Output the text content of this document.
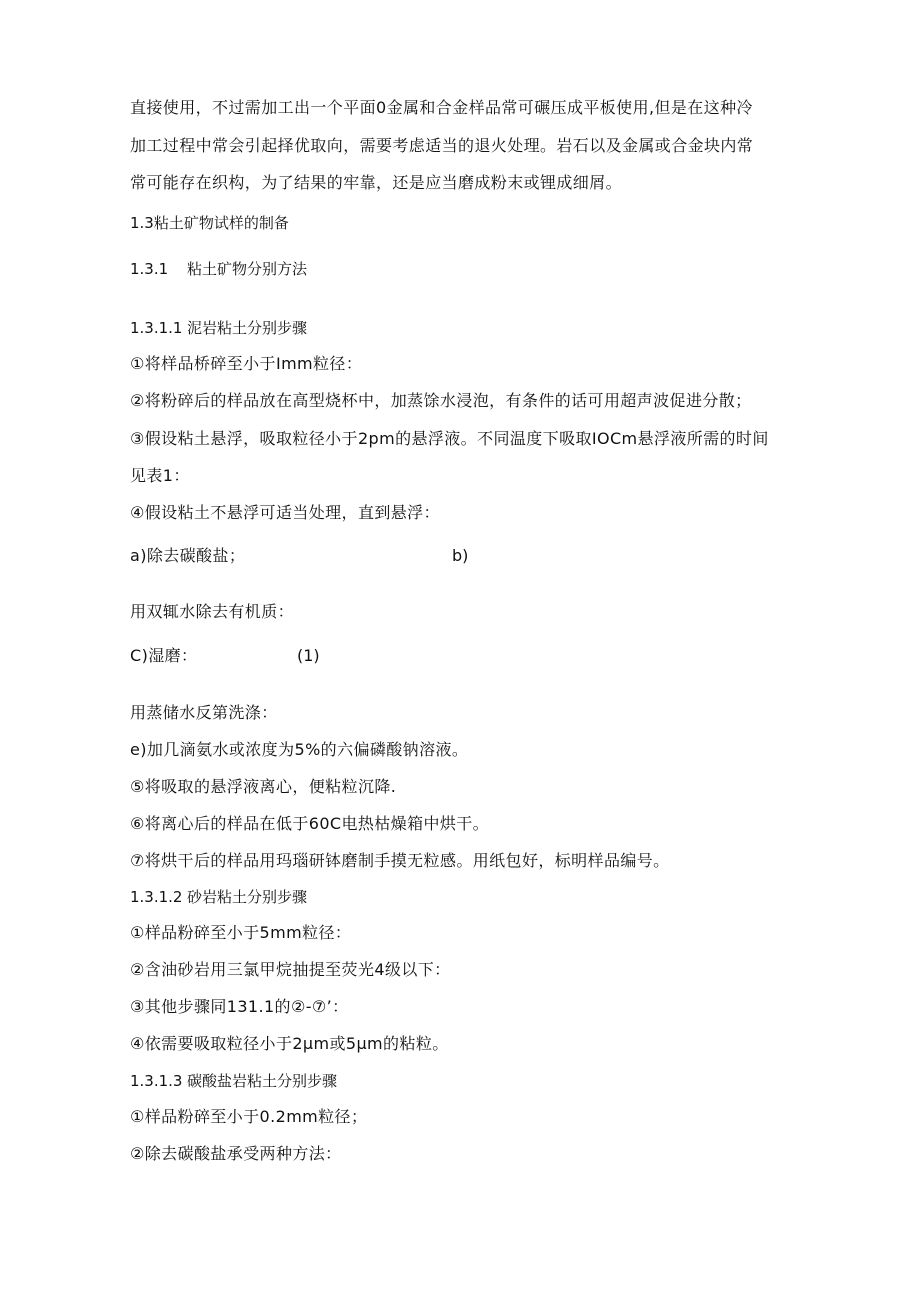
直接使用，不过需加工出一个平面0金属和合金样品常可碾压成平板使用,但是在这种冷
加工过程中常会引起择优取向，需要考虑适当的退火处理。岩石以及金属或合金块内常
常可能存在织构，为了结果的牢靠，还是应当磨成粉末或锂成细屑。
1.3粘土矿物试样的制备
1.3.1 粘土矿物分别方法
1.3.1.1 泥岩粘土分别步骤
①将样品桥碎至小于Imm粒径：
②将粉碎后的样品放在高型烧杯中，加蒸馀水浸泡，有条件的话可用超声波促进分散；
③假设粘土悬浮，吸取粒径小于2pm的悬浮液。不同温度下吸取IOCm悬浮液所需的时间
见表1：
④假设粘土不悬浮可适当处理，直到悬浮：
a)除去碳酸盐；	b)
用双辄水除去有机质：
C)湿磨：	(1)
用蒸储水反第洗涤：
e)加几滴氨水或浓度为5%的六偏磷酸钠溶液。
⑤将吸取的悬浮液离心，便粘粒沉降.
⑥将离心后的样品在低于60C电热枯燥箱中烘干。
⑦将烘干后的样品用玛瑙研钵磨制手摸无粒感。用纸包好，标明样品编号。
1.3.1.2 砂岩粘土分别步骤
①样品粉碎至小于5mm粒径：
②含油砂岩用三氯甲烷抽提至荧光4级以下：
③其他步骤同131.1的②-⑦’：
④依需要吸取粒径小于2μm或5μm的粘粒。
1.3.1.3 碳酸盐岩粘土分别步骤
①样品粉碎至小于0.2mm粒径；
②除去碳酸盐承受两种方法：
